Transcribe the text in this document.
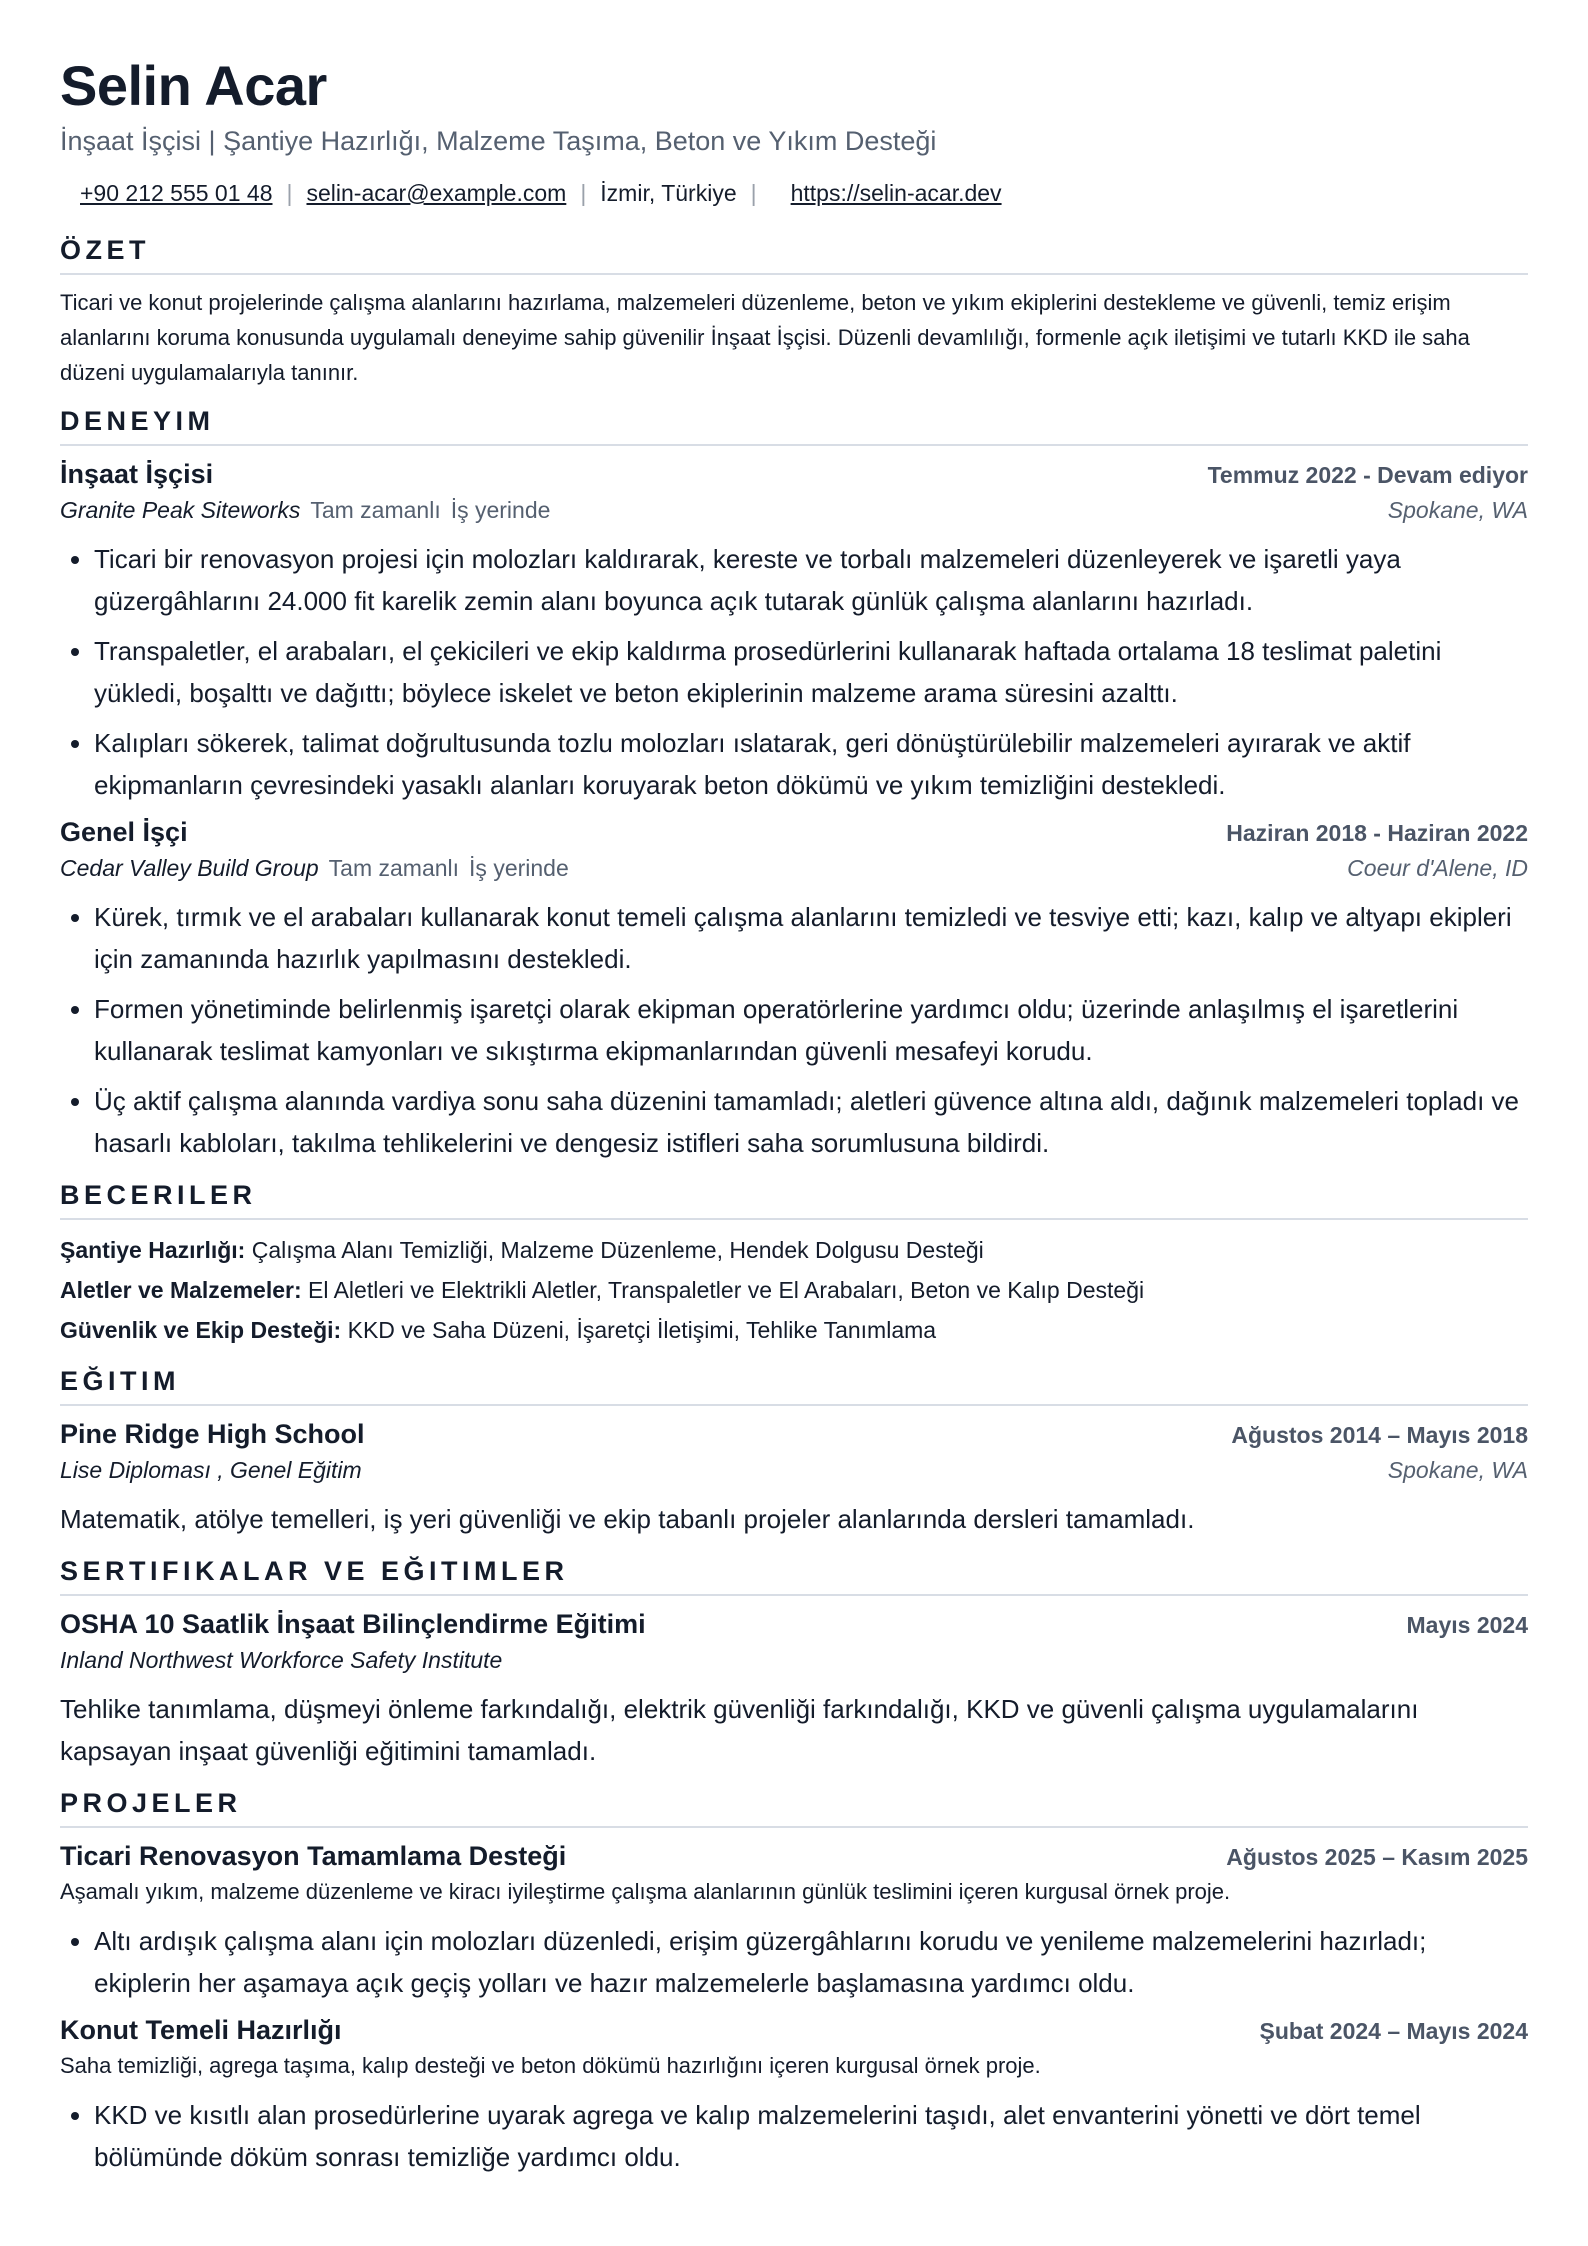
Selin Acar
İnşaat İşçisi | Şantiye Hazırlığı, Malzeme Taşıma, Beton ve Yıkım Desteği
+90 212 555 01 48 | selin-acar@example.com | İzmir, Türkiye | https://selin-acar.dev
ÖZET
Ticari ve konut projelerinde çalışma alanlarını hazırlama, malzemeleri düzenleme, beton ve yıkım ekiplerini destekleme ve güvenli, temiz erişim alanlarını koruma konusunda uygulamalı deneyime sahip güvenilir İnşaat İşçisi. Düzenli devamlılığı, formenle açık iletişimi ve tutarlı KKD ile saha düzeni uygulamalarıyla tanınır.
DENEYIM
İnşaat İşçisi	Temmuz 2022 - Devam ediyor
Granite Peak Siteworks Tam zamanlı İş yerinde	Spokane, WA
• Ticari bir renovasyon projesi için molozları kaldırarak, kereste ve torbalı malzemeleri düzenleyerek ve işaretli yaya güzergâhlarını 24.000 fit karelik zemin alanı boyunca açık tutarak günlük çalışma alanlarını hazırladı.
• Transpaletler, el arabaları, el çekicileri ve ekip kaldırma prosedürlerini kullanarak haftada ortalama 18 teslimat paletini yükledi, boşalttı ve dağıttı; böylece iskelet ve beton ekiplerinin malzeme arama süresini azalttı.
• Kalıpları sökerek, talimat doğrultusunda tozlu molozları ıslatarak, geri dönüştürülebilir malzemeleri ayırarak ve aktif ekipmanların çevresindeki yasaklı alanları koruyarak beton dökümü ve yıkım temizliğini destekledi.
Genel İşçi	Haziran 2018 - Haziran 2022
Cedar Valley Build Group Tam zamanlı İş yerinde	Coeur d'Alene, ID
• Kürek, tırmık ve el arabaları kullanarak konut temeli çalışma alanlarını temizledi ve tesviye etti; kazı, kalıp ve altyapı ekipleri için zamanında hazırlık yapılmasını destekledi.
• Formen yönetiminde belirlenmiş işaretçi olarak ekipman operatörlerine yardımcı oldu; üzerinde anlaşılmış el işaretlerini kullanarak teslimat kamyonları ve sıkıştırma ekipmanlarından güvenli mesafeyi korudu.
• Üç aktif çalışma alanında vardiya sonu saha düzenini tamamladı; aletleri güvence altına aldı, dağınık malzemeleri topladı ve hasarlı kabloları, takılma tehlikelerini ve dengesiz istifleri saha sorumlusuna bildirdi.
BECERILER
Şantiye Hazırlığı: Çalışma Alanı Temizliği, Malzeme Düzenleme, Hendek Dolgusu Desteği
Aletler ve Malzemeler: El Aletleri ve Elektrikli Aletler, Transpaletler ve El Arabaları, Beton ve Kalıp Desteği
Güvenlik ve Ekip Desteği: KKD ve Saha Düzeni, İşaretçi İletişimi, Tehlike Tanımlama
EĞITIM
Pine Ridge High School	Ağustos 2014 – Mayıs 2018
Lise Diploması , Genel Eğitim	Spokane, WA
Matematik, atölye temelleri, iş yeri güvenliği ve ekip tabanlı projeler alanlarında dersleri tamamladı.
SERTIFIKALAR VE EĞITIMLER
OSHA 10 Saatlik İnşaat Bilinçlendirme Eğitimi	Mayıs 2024
Inland Northwest Workforce Safety Institute
Tehlike tanımlama, düşmeyi önleme farkındalığı, elektrik güvenliği farkındalığı, KKD ve güvenli çalışma uygulamalarını kapsayan inşaat güvenliği eğitimini tamamladı.
PROJELER
Ticari Renovasyon Tamamlama Desteği	Ağustos 2025 – Kasım 2025
Aşamalı yıkım, malzeme düzenleme ve kiracı iyileştirme çalışma alanlarının günlük teslimini içeren kurgusal örnek proje.
• Altı ardışık çalışma alanı için molozları düzenledi, erişim güzergâhlarını korudu ve yenileme malzemelerini hazırladı; ekiplerin her aşamaya açık geçiş yolları ve hazır malzemelerle başlamasına yardımcı oldu.
Konut Temeli Hazırlığı	Şubat 2024 – Mayıs 2024
Saha temizliği, agrega taşıma, kalıp desteği ve beton dökümü hazırlığını içeren kurgusal örnek proje.
• KKD ve kısıtlı alan prosedürlerine uyarak agrega ve kalıp malzemelerini taşıdı, alet envanterini yönetti ve dört temel bölümünde döküm sonrası temizliğe yardımcı oldu.
